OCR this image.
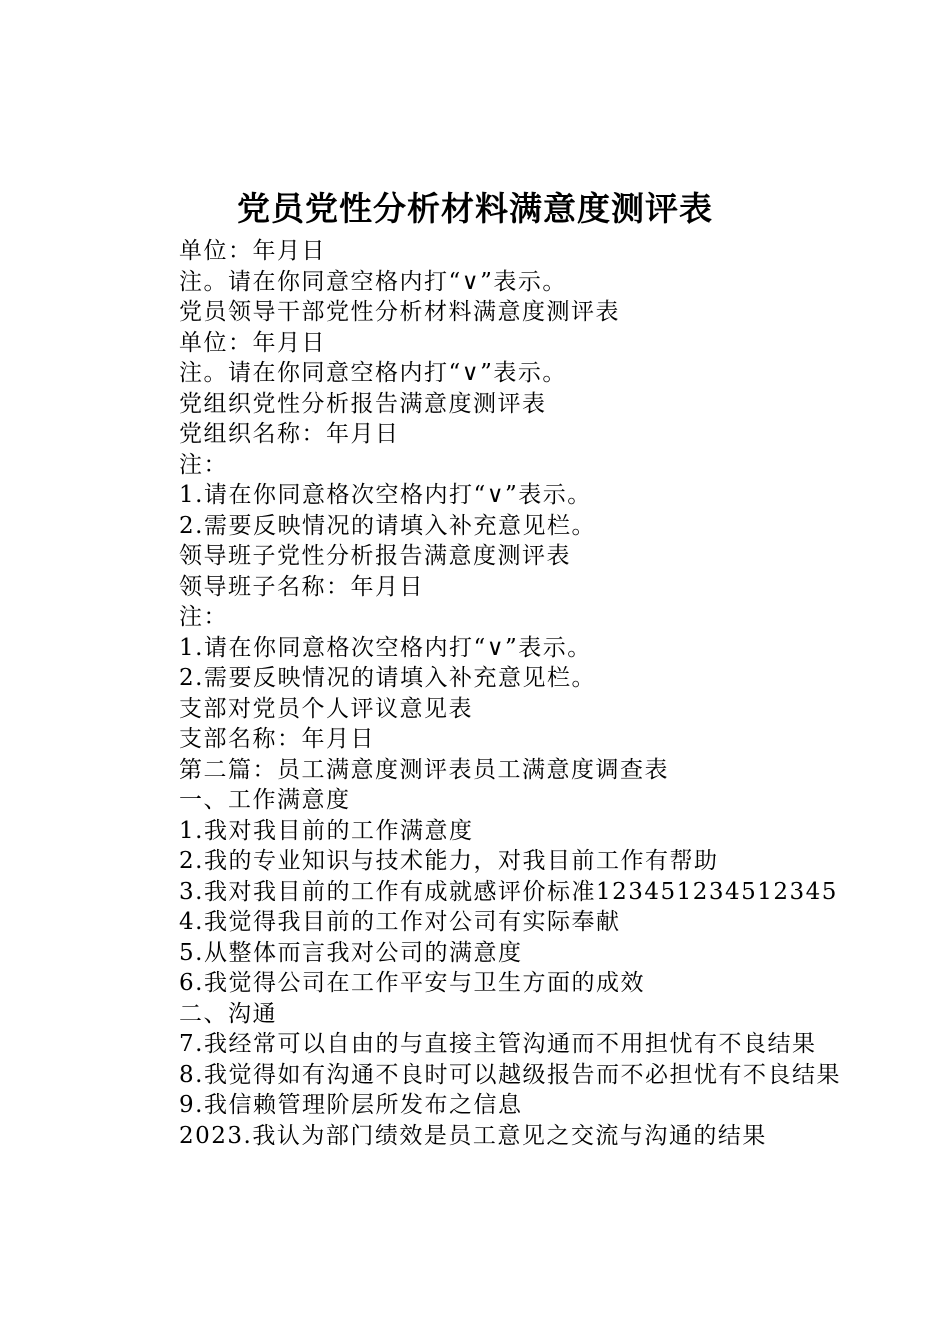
党员党性分析材料满意度测评表

单位：年月日

注。请在你同意空格内打“∨”表示。

党员领导干部党性分析材料满意度测评表

单位：年月日

注。请在你同意空格内打“∨”表示。

党组织党性分析报告满意度测评表

党组织名称：年月日

注：

1.请在你同意格次空格内打“∨”表示。

2.需要反映情况的请填入补充意见栏。

领导班子党性分析报告满意度测评表

领导班子名称：年月日

注：

1.请在你同意格次空格内打“∨”表示。

2.需要反映情况的请填入补充意见栏。

支部对党员个人评议意见表

支部名称：年月日

第二篇：员工满意度测评表员工满意度调查表

一、工作满意度

1.我对我目前的工作满意度

2.我的专业知识与技术能力，对我目前工作有帮助

3.我对我目前的工作有成就感评价标准123451234512345

4.我觉得我目前的工作对公司有实际奉献

5.从整体而言我对公司的满意度

6.我觉得公司在工作平安与卫生方面的成效

二、沟通

7.我经常可以自由的与直接主管沟通而不用担忧有不良结果

8.我觉得如有沟通不良时可以越级报告而不必担忧有不良结果

9.我信赖管理阶层所发布之信息

2023.我认为部门绩效是员工意见之交流与沟通的结果
